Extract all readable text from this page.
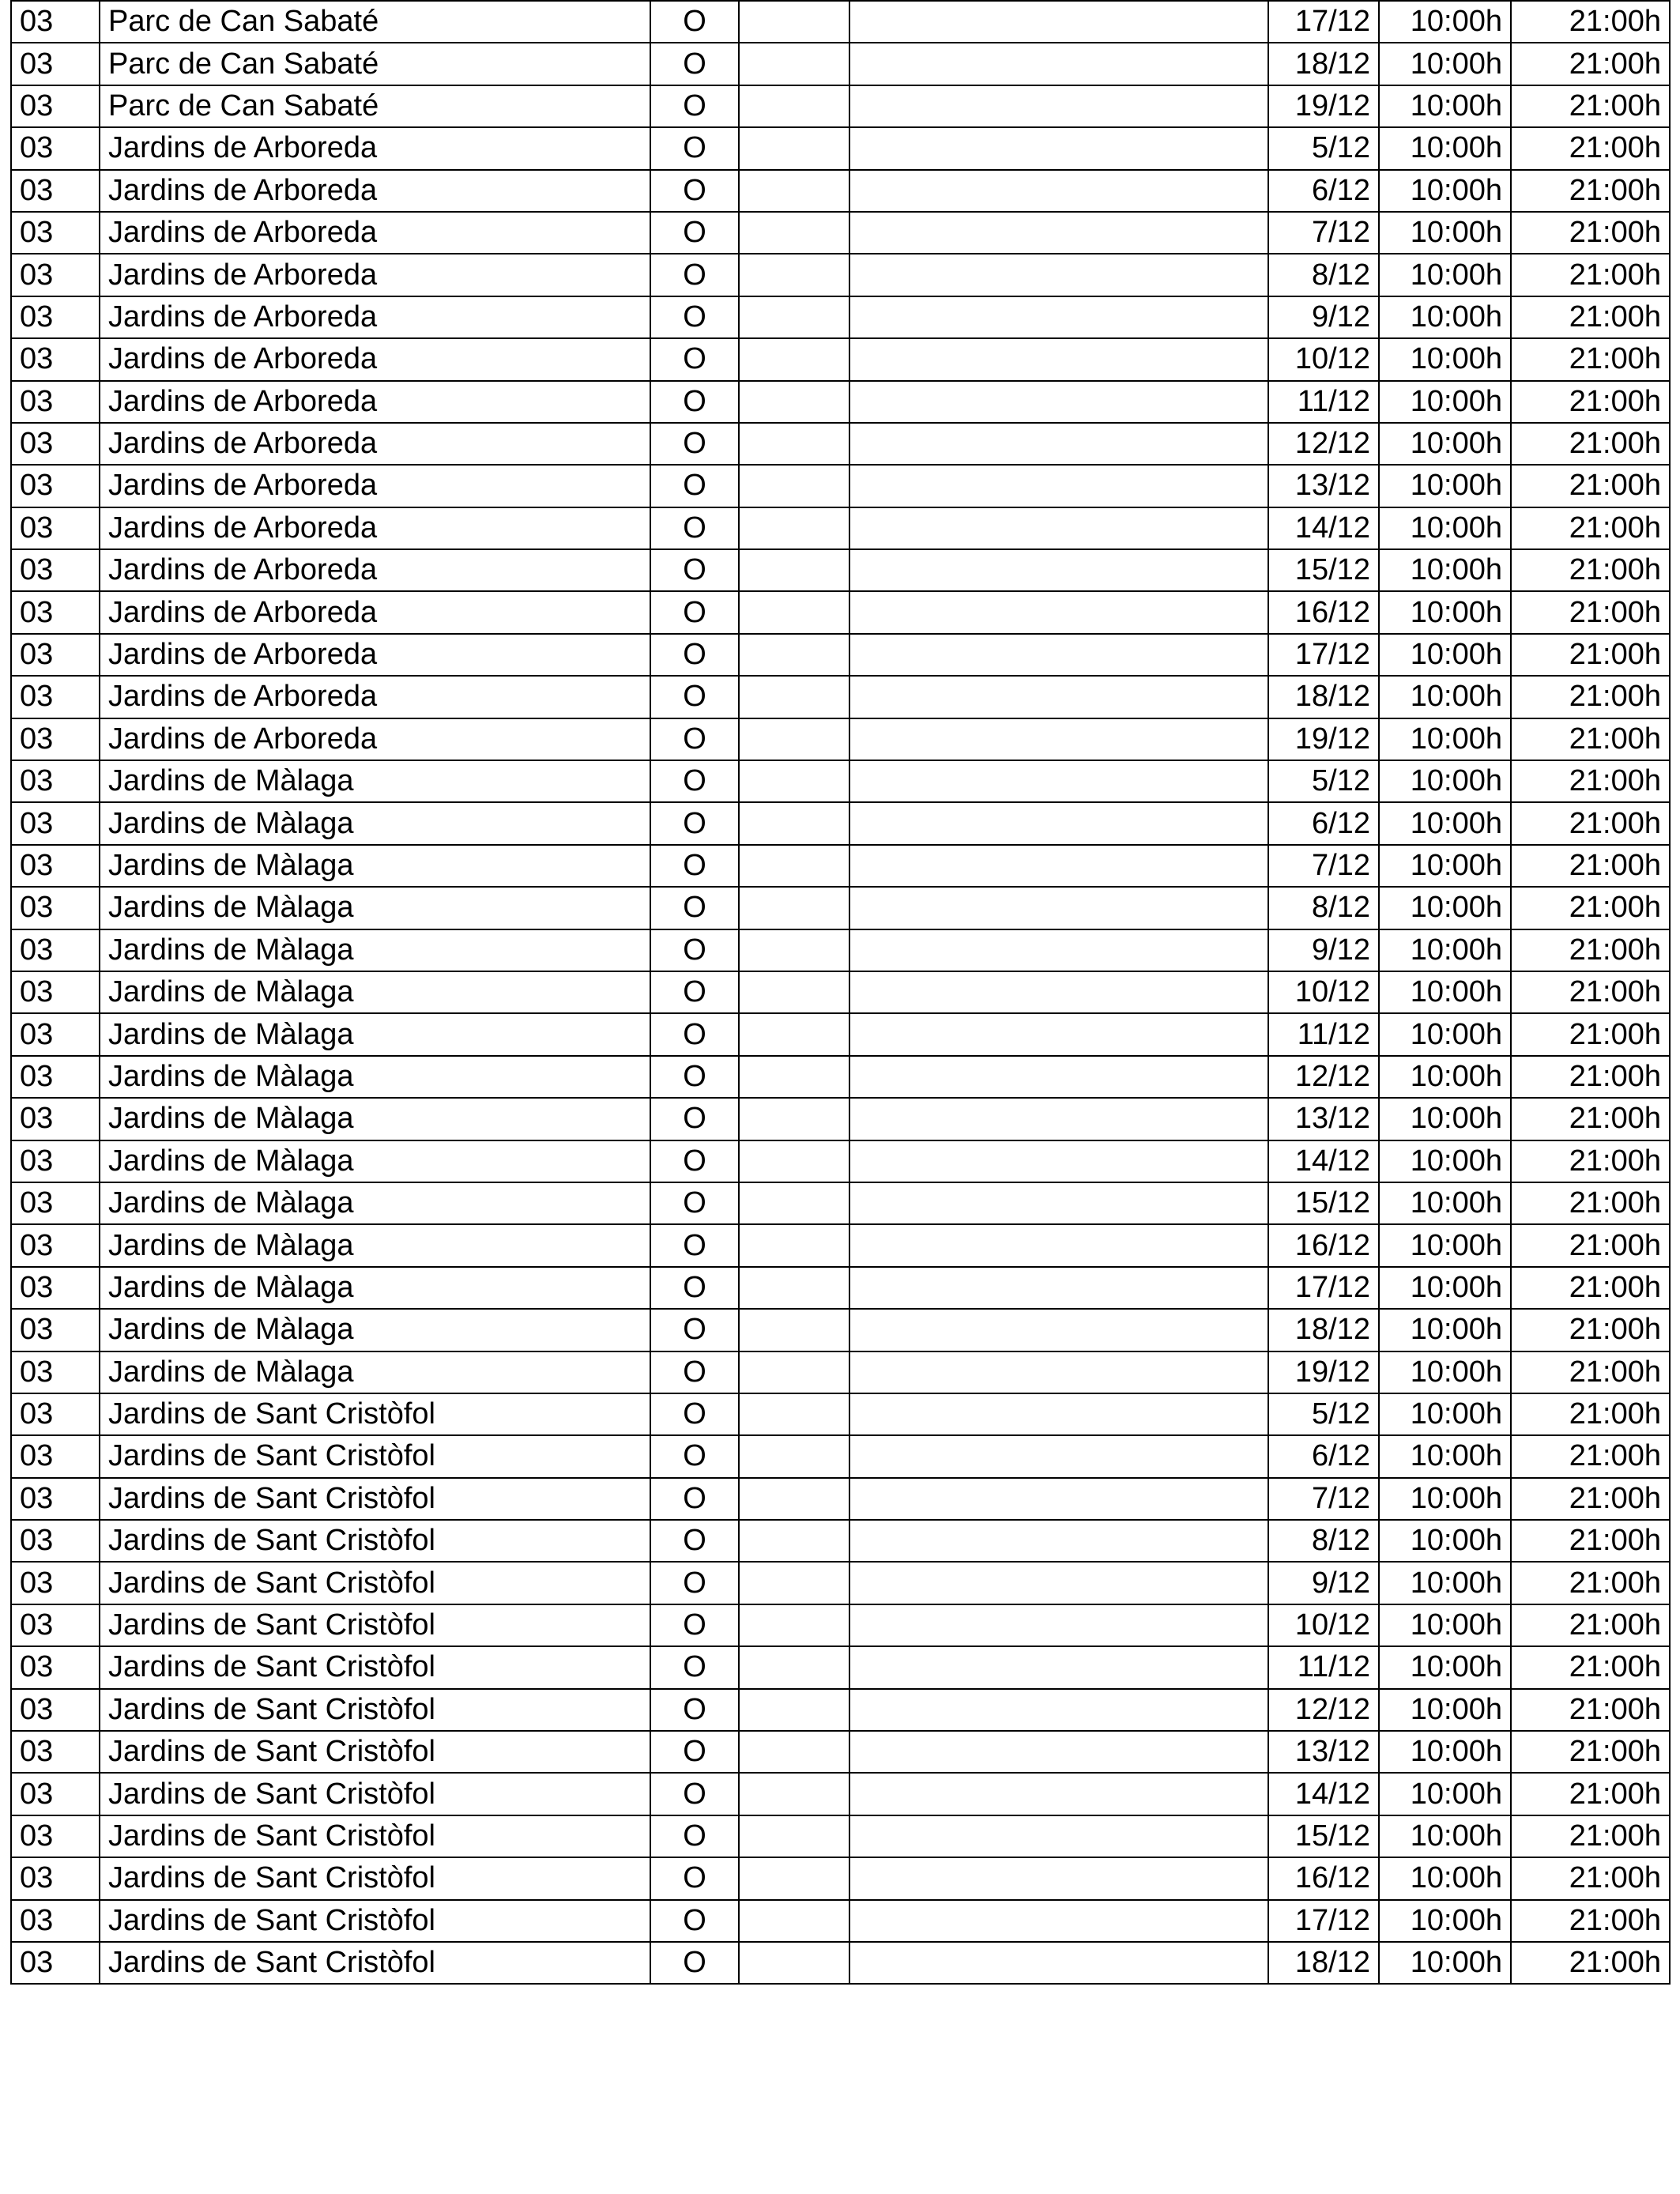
03	Parc de Can Sabaté	O			17/12	10:00h	21:00h
03	Parc de Can Sabaté	O			18/12	10:00h	21:00h
03	Parc de Can Sabaté	O			19/12	10:00h	21:00h
03	Jardins de Arboreda	O			5/12	10:00h	21:00h
03	Jardins de Arboreda	O			6/12	10:00h	21:00h
03	Jardins de Arboreda	O			7/12	10:00h	21:00h
03	Jardins de Arboreda	O			8/12	10:00h	21:00h
03	Jardins de Arboreda	O			9/12	10:00h	21:00h
03	Jardins de Arboreda	O			10/12	10:00h	21:00h
03	Jardins de Arboreda	O			11/12	10:00h	21:00h
03	Jardins de Arboreda	O			12/12	10:00h	21:00h
03	Jardins de Arboreda	O			13/12	10:00h	21:00h
03	Jardins de Arboreda	O			14/12	10:00h	21:00h
03	Jardins de Arboreda	O			15/12	10:00h	21:00h
03	Jardins de Arboreda	O			16/12	10:00h	21:00h
03	Jardins de Arboreda	O			17/12	10:00h	21:00h
03	Jardins de Arboreda	O			18/12	10:00h	21:00h
03	Jardins de Arboreda	O			19/12	10:00h	21:00h
03	Jardins de Màlaga	O			5/12	10:00h	21:00h
03	Jardins de Màlaga	O			6/12	10:00h	21:00h
03	Jardins de Màlaga	O			7/12	10:00h	21:00h
03	Jardins de Màlaga	O			8/12	10:00h	21:00h
03	Jardins de Màlaga	O			9/12	10:00h	21:00h
03	Jardins de Màlaga	O			10/12	10:00h	21:00h
03	Jardins de Màlaga	O			11/12	10:00h	21:00h
03	Jardins de Màlaga	O			12/12	10:00h	21:00h
03	Jardins de Màlaga	O			13/12	10:00h	21:00h
03	Jardins de Màlaga	O			14/12	10:00h	21:00h
03	Jardins de Màlaga	O			15/12	10:00h	21:00h
03	Jardins de Màlaga	O			16/12	10:00h	21:00h
03	Jardins de Màlaga	O			17/12	10:00h	21:00h
03	Jardins de Màlaga	O			18/12	10:00h	21:00h
03	Jardins de Màlaga	O			19/12	10:00h	21:00h
03	Jardins de Sant Cristòfol	O			5/12	10:00h	21:00h
03	Jardins de Sant Cristòfol	O			6/12	10:00h	21:00h
03	Jardins de Sant Cristòfol	O			7/12	10:00h	21:00h
03	Jardins de Sant Cristòfol	O			8/12	10:00h	21:00h
03	Jardins de Sant Cristòfol	O			9/12	10:00h	21:00h
03	Jardins de Sant Cristòfol	O			10/12	10:00h	21:00h
03	Jardins de Sant Cristòfol	O			11/12	10:00h	21:00h
03	Jardins de Sant Cristòfol	O			12/12	10:00h	21:00h
03	Jardins de Sant Cristòfol	O			13/12	10:00h	21:00h
03	Jardins de Sant Cristòfol	O			14/12	10:00h	21:00h
03	Jardins de Sant Cristòfol	O			15/12	10:00h	21:00h
03	Jardins de Sant Cristòfol	O			16/12	10:00h	21:00h
03	Jardins de Sant Cristòfol	O			17/12	10:00h	21:00h
03	Jardins de Sant Cristòfol	O			18/12	10:00h	21:00h
